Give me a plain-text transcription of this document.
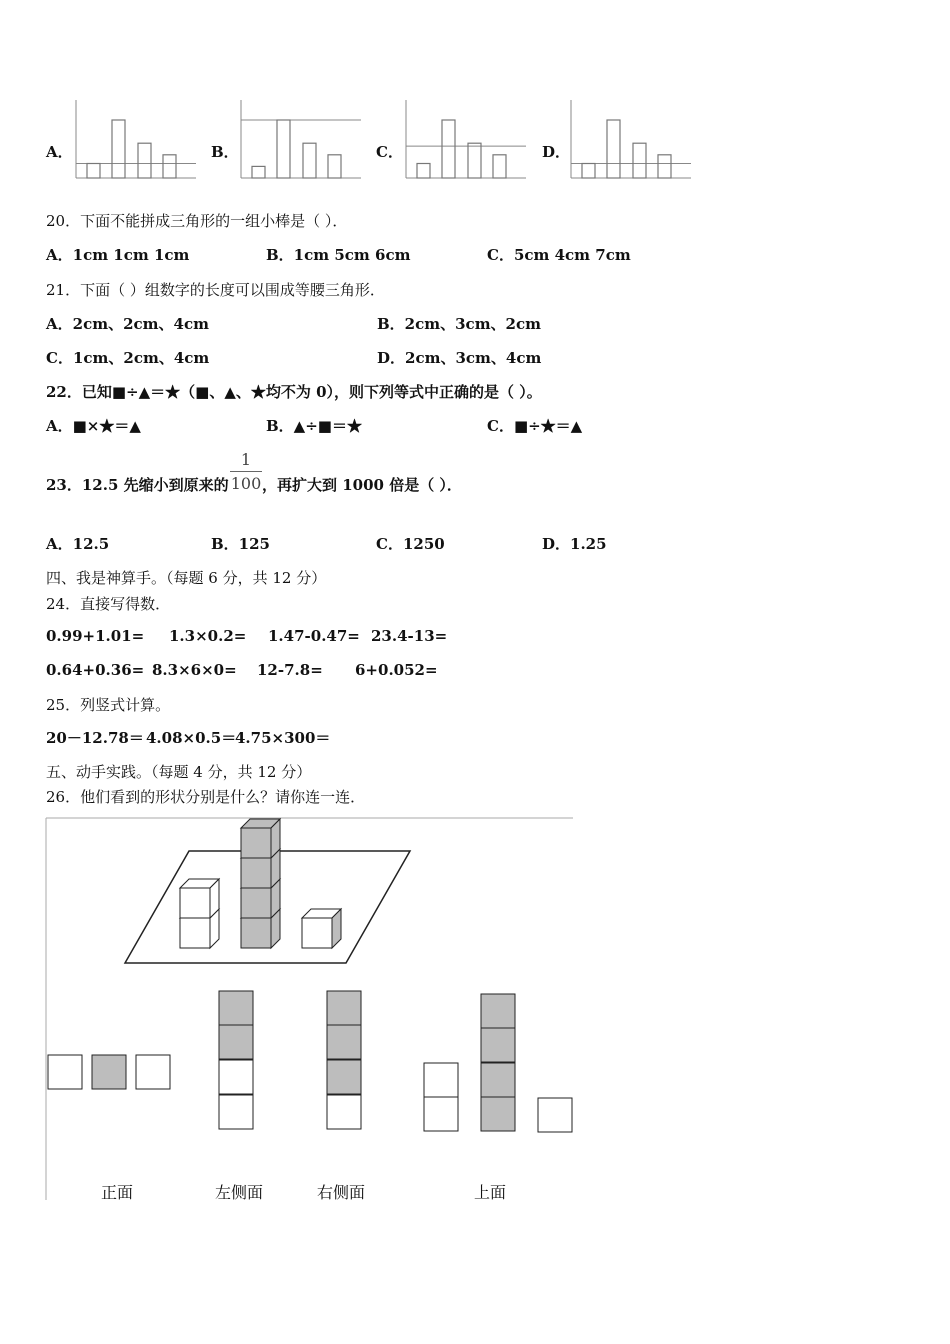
A．	B．	C．	D．
20．下面不能拼成三角形的一组小棒是（ ）．
A．1cm 1cm 1cm	B．1cm 5cm 6cm	C．5cm 4cm 7cm
21．下面（ ）组数字的长度可以围成等腰三角形．
A．2cm、2cm、4cm	B．2cm、3cm、2cm
C．1cm、2cm、4cm	D．2cm、3cm、4cm
22．已知■÷▲＝★（■、▲、★均不为 0），则下列等式中正确的是（ ）。
A．■×★＝▲	B．▲÷■＝★	C．■÷★＝▲
23．12.5 先缩小到原来的
1
100 ，再扩大到 1000 倍是（ ）．
A．12.5	B．125	C．1250	D．1.25
四、我是神算手。（每题 6 分，共 12 分）
24．直接写得数．
0.99+1.01= 1.3×0.2= 1.47-0.47= 23.4-13=
0.64+0.36= 8.3×6×0= 12-7.8= 6+0.052=
25．列竖式计算。
20－12.78＝ 4.08×0.5＝
4.75×300＝
五、动手实践。（每题 4 分，共 12 分）
26．他们看到的形状分别是什么？请你连一连．
正面	左侧面	右侧面	上面
